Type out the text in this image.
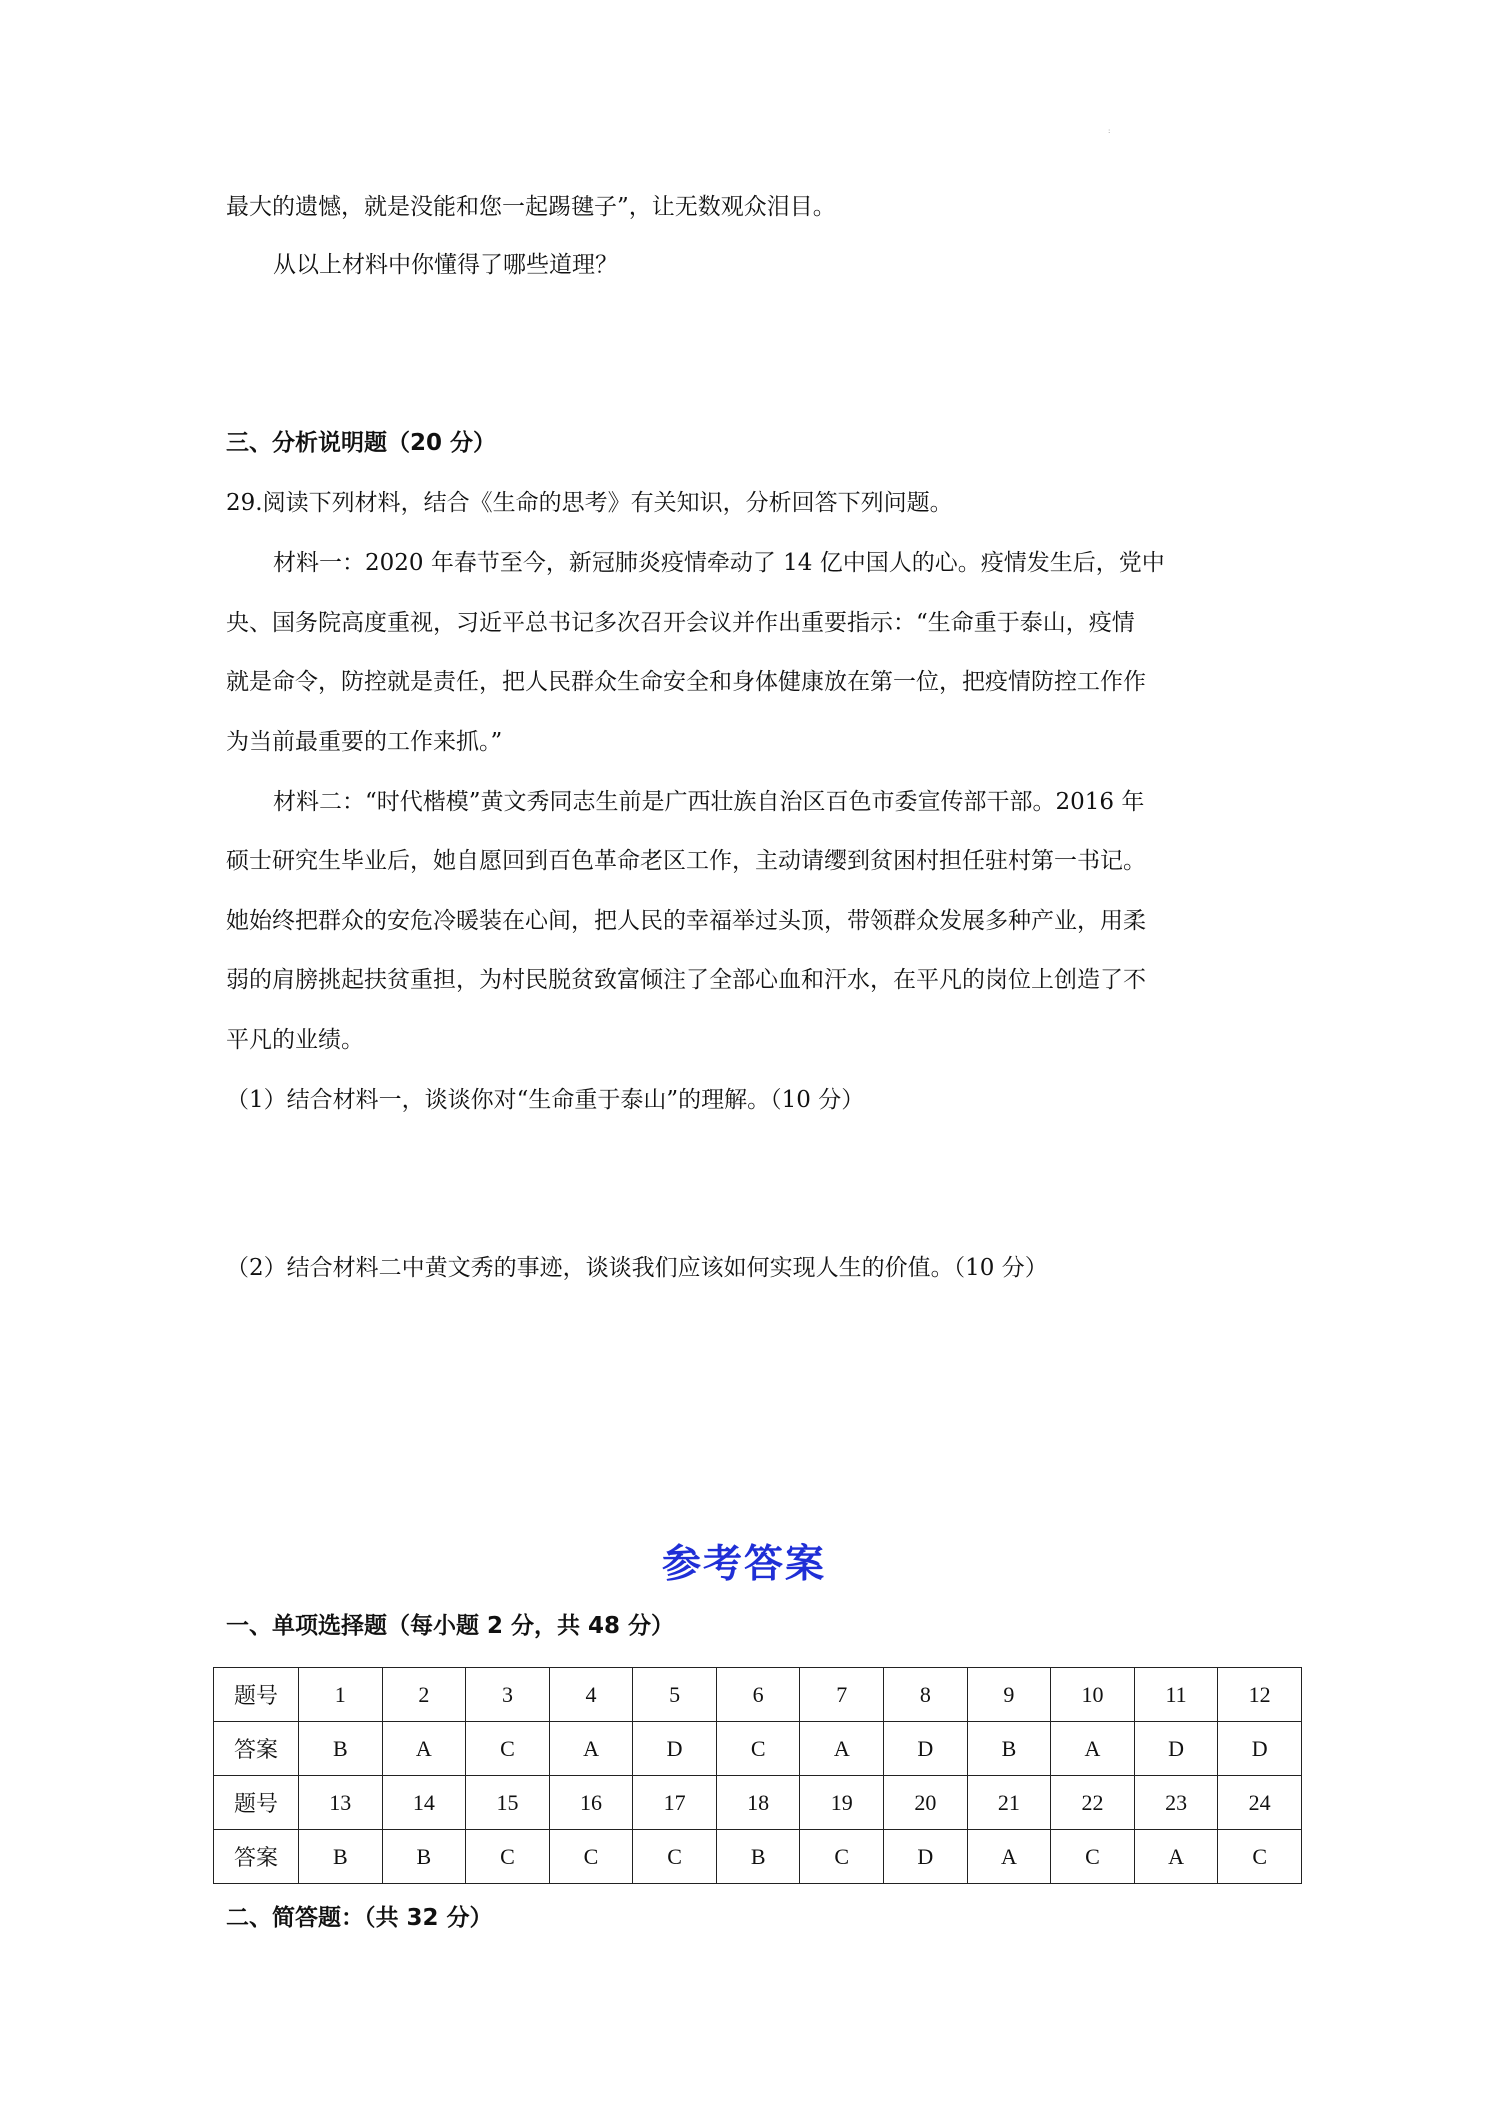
:
最大的遗憾，就是没能和您一起踢毽子”，让无数观众泪目。
从以上材料中你懂得了哪些道理？
三、分析说明题（20 分）
29.阅读下列材料，结合《生命的思考》有关知识，分析回答下列问题。
材料一：2020 年春节至今，新冠肺炎疫情牵动了 14 亿中国人的心。疫情发生后，党中
央、国务院高度重视，习近平总书记多次召开会议并作出重要指示：“生命重于泰山，疫情
就是命令，防控就是责任，把人民群众生命安全和身体健康放在第一位，把疫情防控工作作
为当前最重要的工作来抓。”
材料二：“时代楷模”黄文秀同志生前是广西壮族自治区百色市委宣传部干部。2016 年
硕士研究生毕业后，她自愿回到百色革命老区工作，主动请缨到贫困村担任驻村第一书记。
她始终把群众的安危冷暖装在心间，把人民的幸福举过头顶，带领群众发展多种产业，用柔
弱的肩膀挑起扶贫重担，为村民脱贫致富倾注了全部心血和汗水，在平凡的岗位上创造了不
平凡的业绩。
（1）结合材料一，谈谈你对“生命重于泰山”的理解。（10 分）
（2）结合材料二中黄文秀的事迹，谈谈我们应该如何实现人生的价值。（10 分）
参考答案
一、单项选择题（每小题 2 分，共 48 分）
题号	1	2	3	4	5	6	7	8	9	10	11	12
答案	B	A	C	A	D	C	A	D	B	A	D	D
题号	13	14	15	16	17	18	19	20	21	22	23	24
答案	B	B	C	C	C	B	C	D	A	C	A	C
二、简答题：（共 32 分）
